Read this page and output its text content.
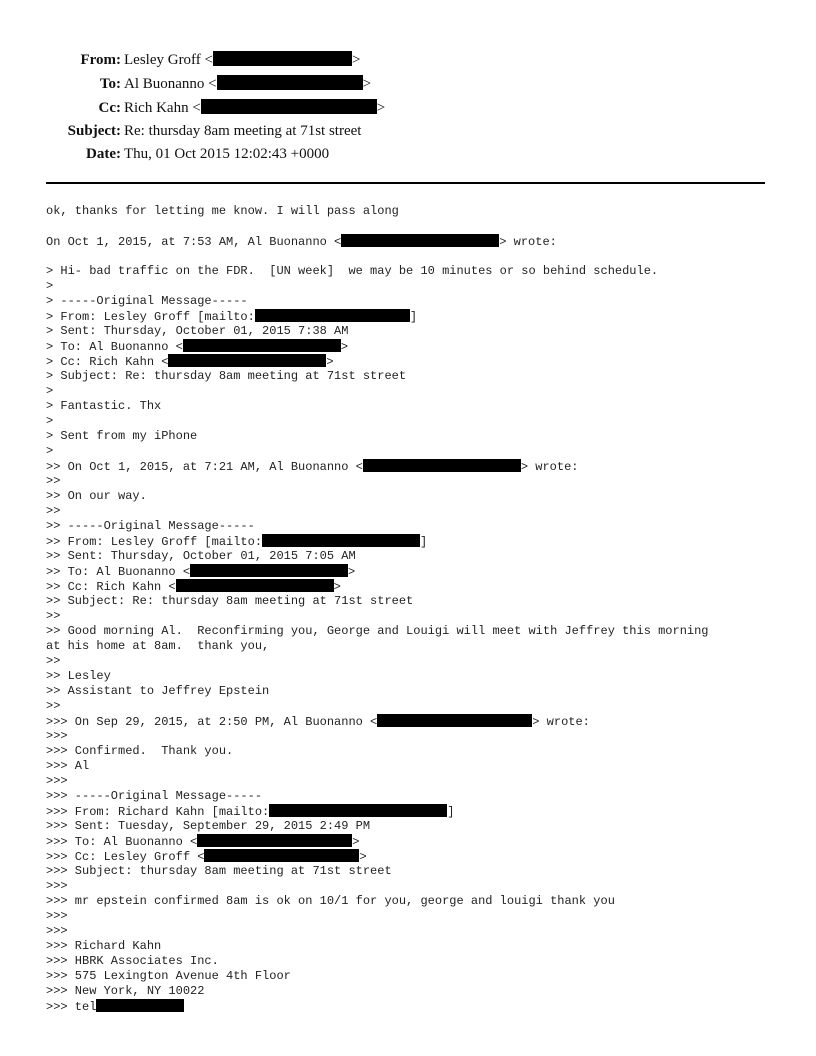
From: Lesley Groff <	>
To: Al Buonanno <	>
Cc: Rich Kahn <	>
Subject: Re: thursday 8am meeting at 71st street
Date: Thu, 01 Oct 2015 12:02:43 +0000
ok, thanks for letting me know. I will pass along
On Oct 1, 2015, at 7:53 AM, Al Buonanno <	> wrote:
> Hi- bad traffic on the FDR.  [UN week]  we may be 10 minutes or so behind schedule.
>
> -----Original Message-----
> From: Lesley Groff [mailto:	]
> Sent: Thursday, October 01, 2015 7:38 AM
> To: Al Buonanno <	>
> Cc: Rich Kahn <	>
> Subject: Re: thursday 8am meeting at 71st street
>
> Fantastic. Thx
>
> Sent from my iPhone
>
>> On Oct 1, 2015, at 7:21 AM, Al Buonanno <	> wrote:
>>
>> On our way.
>>
>> -----Original Message-----
>> From: Lesley Groff [mailto:	]
>> Sent: Thursday, October 01, 2015 7:05 AM
>> To: Al Buonanno <	>
>> Cc: Rich Kahn <	>
>> Subject: Re: thursday 8am meeting at 71st street
>>
>> Good morning Al.  Reconfirming you, George and Louigi will meet with Jeffrey this morning
at his home at 8am.  thank you,
>>
>> Lesley
>> Assistant to Jeffrey Epstein
>>
>>> On Sep 29, 2015, at 2:50 PM, Al Buonanno <	> wrote:
>>>
>>> Confirmed.  Thank you.
>>> Al
>>>
>>> -----Original Message-----
>>> From: Richard Kahn [mailto:	]
>>> Sent: Tuesday, September 29, 2015 2:49 PM
>>> To: Al Buonanno <	>
>>> Cc: Lesley Groff <	>
>>> Subject: thursday 8am meeting at 71st street
>>>
>>> mr epstein confirmed 8am is ok on 10/1 for you, george and louigi thank you
>>>
>>>
>>> Richard Kahn
>>> HBRK Associates Inc.
>>> 575 Lexington Avenue 4th Floor
>>> New York, NY 10022
>>> tel
